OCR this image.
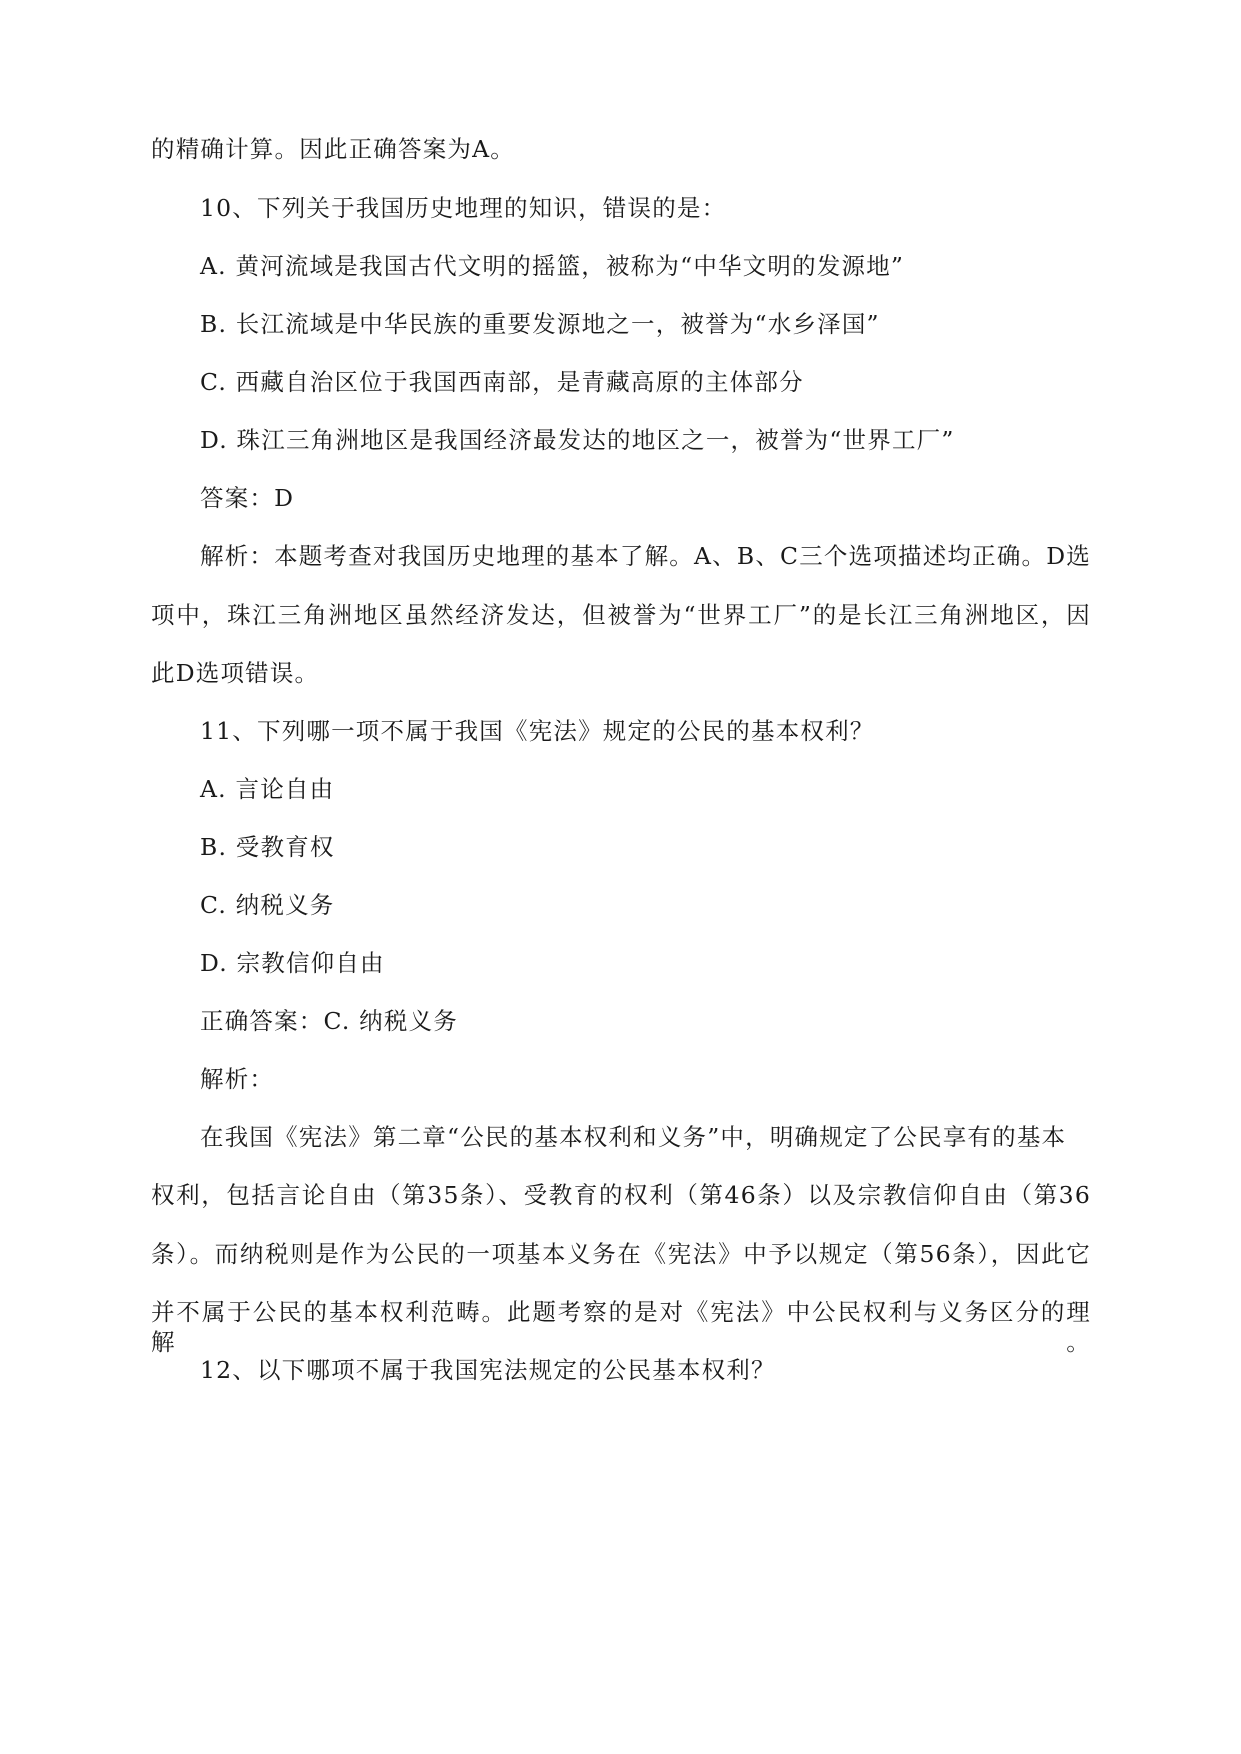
的精确计算。因此正确答案为A。
10、下列关于我国历史地理的知识，错误的是：
A. 黄河流域是我国古代文明的摇篮，被称为“中华文明的发源地”
B. 长江流域是中华民族的重要发源地之一，被誉为“水乡泽国”
C. 西藏自治区位于我国西南部，是青藏高原的主体部分
D. 珠江三角洲地区是我国经济最发达的地区之一，被誉为“世界工厂”
答案：D
解析：本题考查对我国历史地理的基本了解。A、B、C三个选项描述均正确。D选
项中，珠江三角洲地区虽然经济发达，但被誉为“世界工厂”的是长江三角洲地区，因
此D选项错误。
11、下列哪一项不属于我国《宪法》规定的公民的基本权利？
A. 言论自由
B. 受教育权
C. 纳税义务
D. 宗教信仰自由
正确答案：C. 纳税义务
解析：
在我国《宪法》第二章“公民的基本权利和义务”中，明确规定了公民享有的基本
权利，包括言论自由（第35条）、受教育的权利（第46条）以及宗教信仰自由（第36
条）。而纳税则是作为公民的一项基本义务在《宪法》中予以规定（第56条），因此它
并不属于公民的基本权利范畴。此题考察的是对《宪法》中公民权利与义务区分的理解。
12、以下哪项不属于我国宪法规定的公民基本权利？
